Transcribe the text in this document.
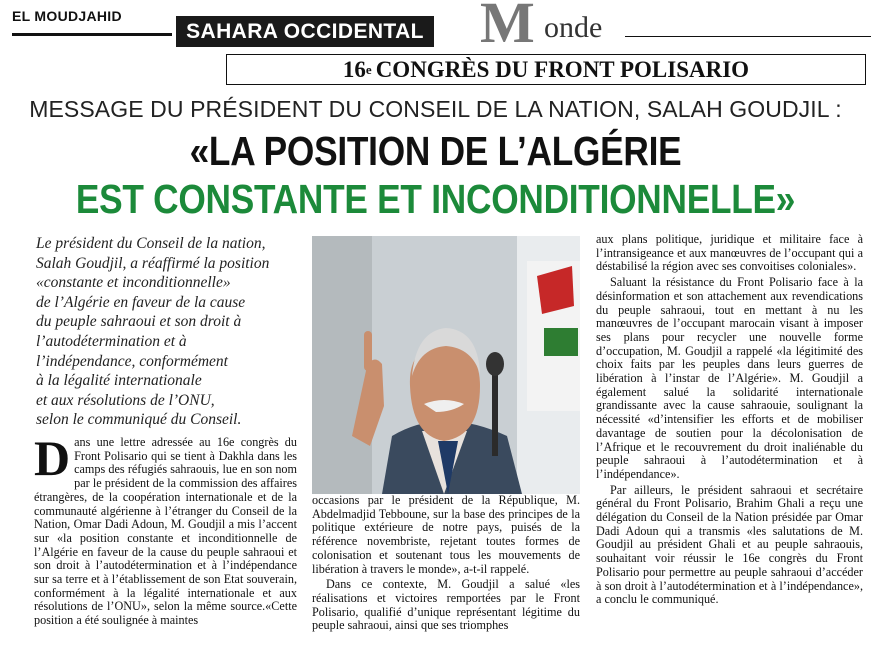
EL MOUDJAHID
SAHARA OCCIDENTAL M onde
16 e CONGRÈS DU FRONT POLISARIO
MESSAGE DU PRÉSIDENT DU CONSEIL DE LA NATION, SALAH GOUDJIL :
«LA POSITION DE L’ALGÉRIE
EST CONSTANTE ET INCONDITIONNELLE»

Le président du Conseil de la nation,

Salah Goudjil, a réaffirmé la position

«constante et inconditionnelle»

de l’Algérie en faveur de la cause

du peuple sahraoui et son droit à

l’autodétermination et à

l’indépendance, conformément

à la légalité internationale

et aux résolutions de l’ONU,

selon le communiqué du Conseil.

Dans une lettre adressée au 16e congrès du Front Polisario qui se tient à Dakhla dans les camps des réfugiés sahraouis, lue en son nom par le président de la commission des affaires étrangères, de la coopération internationale et de la communauté algérienne à l’étranger du Conseil de la Nation, Omar Dadi Adoun, M. Goudjil a mis l’accent sur «la position constante et inconditionnelle de l’Algérie en faveur de la cause du peuple sahraoui et son droit à l’autodétermination et à l’indépendance sur sa terre et à l’établissement de son Etat souverain, conformément à la légalité internationale et aux résolutions de l’ONU», selon la même source.«Cette position a été soulignée à maintes

occasions par le président de la République, M. Abdelmadjid Tebboune, sur la base des principes de la politique extérieure de notre pays, puisés de la référence novembriste, rejetant toutes formes de colonisation et soutenant tous les mouvements de libération à travers le monde», a-t-il rappelé.

Dans ce contexte, M. Goudjil a salué «les réalisations et victoires remportées par le Front Polisario, qualifié d’unique représentant légitime du peuple sahraoui, ainsi que ses triomphes

aux plans politique, juridique et militaire face à l’intransigeance et aux manœuvres de l’occupant qui a déstabilisé la région avec ses convoitises coloniales».

Saluant la résistance du Front Polisario face à la désinformation et son attachement aux revendications du peuple sahraoui, tout en mettant à nu les manœuvres de l’occupant marocain visant à imposer ses plans pour recycler une nouvelle forme d’occupation, M. Goudjil a rappelé «la légitimité des choix faits par les peuples dans leurs guerres de libération à l’instar de l’Algérie». M. Goudjil a également salué la solidarité internationale grandissante avec la cause sahraouie, soulignant la nécessité «d’intensifier les efforts et de mobiliser davantage de soutien pour la décolonisation de l’Afrique et le recouvrement du droit inaliénable du peuple sahraoui à l’autodétermination et à l’indépendance».

Par ailleurs, le président sahraoui et secrétaire général du Front Polisario, Brahim Ghali a reçu une délégation du Conseil de la Nation présidée par Omar Dadi Adoun qui a transmis «les salutations de M. Goudjil au président Ghali et au peuple sahraouis, souhaitant voir réussir le 16e congrès du Front Polisario pour permettre au peuple sahraoui d’accéder à son droit à l’autodétermination et à l’indépendance», a conclu le communiqué.
